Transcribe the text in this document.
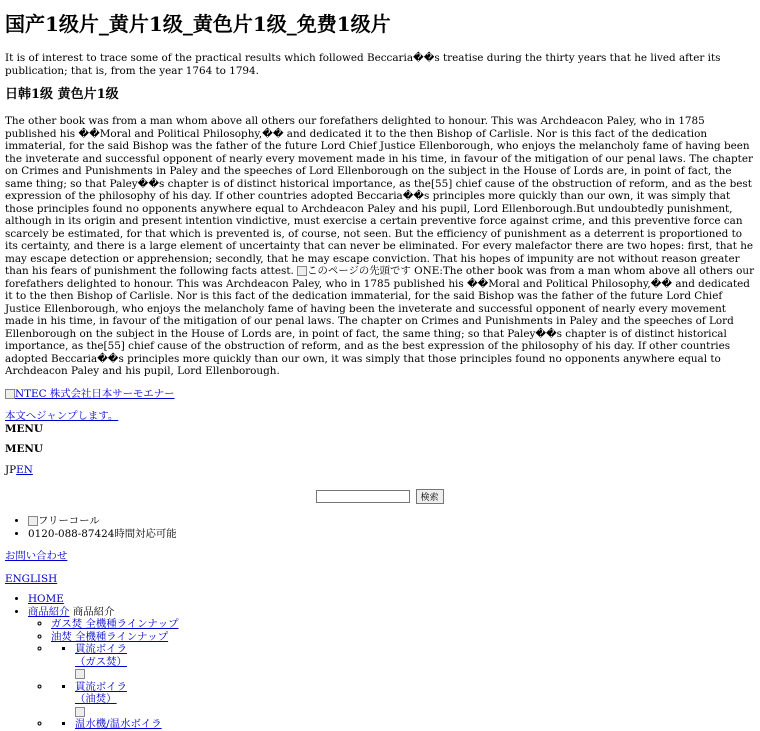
国产1级片_黄片1级_黄色片1级_免费1级片

It is of interest to trace some of the practical results which followed Beccaria��s treatise during the thirty years that he lived after its publication; that is, from the year 1764 to 1794.

日韩1级 黄色片1级

The other book was from a man whom above all others our forefathers delighted to honour. This was Archdeacon Paley, who in 1785 published his ��Moral and Political Philosophy,�� and dedicated it to the then Bishop of Carlisle. Nor is this fact of the dedication immaterial, for the said Bishop was the father of the future Lord Chief Justice Ellenborough, who enjoys the melancholy fame of having been the inveterate and successful opponent of nearly every movement made in his time, in favour of the mitigation of our penal laws. The chapter on Crimes and Punishments in Paley and the speeches of Lord Ellenborough on the subject in the House of Lords are, in point of fact, the same thing; so that Paley��s chapter is of distinct historical importance, as the[55] chief cause of the obstruction of reform, and as the best expression of the philosophy of his day. If other countries adopted Beccaria��s principles more quickly than our own, it was simply that those principles found no opponents anywhere equal to Archdeacon Paley and his pupil, Lord Ellenborough.But undoubtedly punishment, although in its origin and present intention vindictive, must exercise a certain preventive force against crime, and this preventive force can scarcely be estimated, for that which is prevented is, of course, not seen. But the efficiency of punishment as a deterrent is proportioned to its certainty, and there is a large element of uncertainty that can never be eliminated. For every malefactor there are two hopes: first, that he may escape detection or apprehension; secondly, that he may escape conviction. That his hopes of impunity are not without reason greater than his fears of punishment the following facts attest. このページの先頭です ONE:The other book was from a man whom above all others our forefathers delighted to honour. This was Archdeacon Paley, who in 1785 published his ��Moral and Political Philosophy,�� and dedicated it to the then Bishop of Carlisle. Nor is this fact of the dedication immaterial, for the said Bishop was the father of the future Lord Chief Justice Ellenborough, who enjoys the melancholy fame of having been the inveterate and successful opponent of nearly every movement made in his time, in favour of the mitigation of our penal laws. The chapter on Crimes and Punishments in Paley and the speeches of Lord Ellenborough on the subject in the House of Lords are, in point of fact, the same thing; so that Paley��s chapter is of distinct historical importance, as the[55] chief cause of the obstruction of reform, and as the best expression of the philosophy of his day. If other countries adopted Beccaria��s principles more quickly than our own, it was simply that those principles found no opponents anywhere equal to Archdeacon Paley and his pupil, Lord Ellenborough.

NTEC 株式会社日本サーモエナー
本文へジャンプします。
MENU
MENU
JPEN
検索
• フリーコール
• 0120-088-87424時間対応可能
お問い合わせ
ENGLISH
• HOME
• 商品紹介 商品紹介
◦ ガス焚 全機種ラインナップ
◦ 油焚 全機種ラインナップ
▪ ◦ 貫流ボイラ
（ガス焚）

▪ ◦ 貫流ボイラ
（油焚）

▪ ◦ 温水機/温水ボイラ
